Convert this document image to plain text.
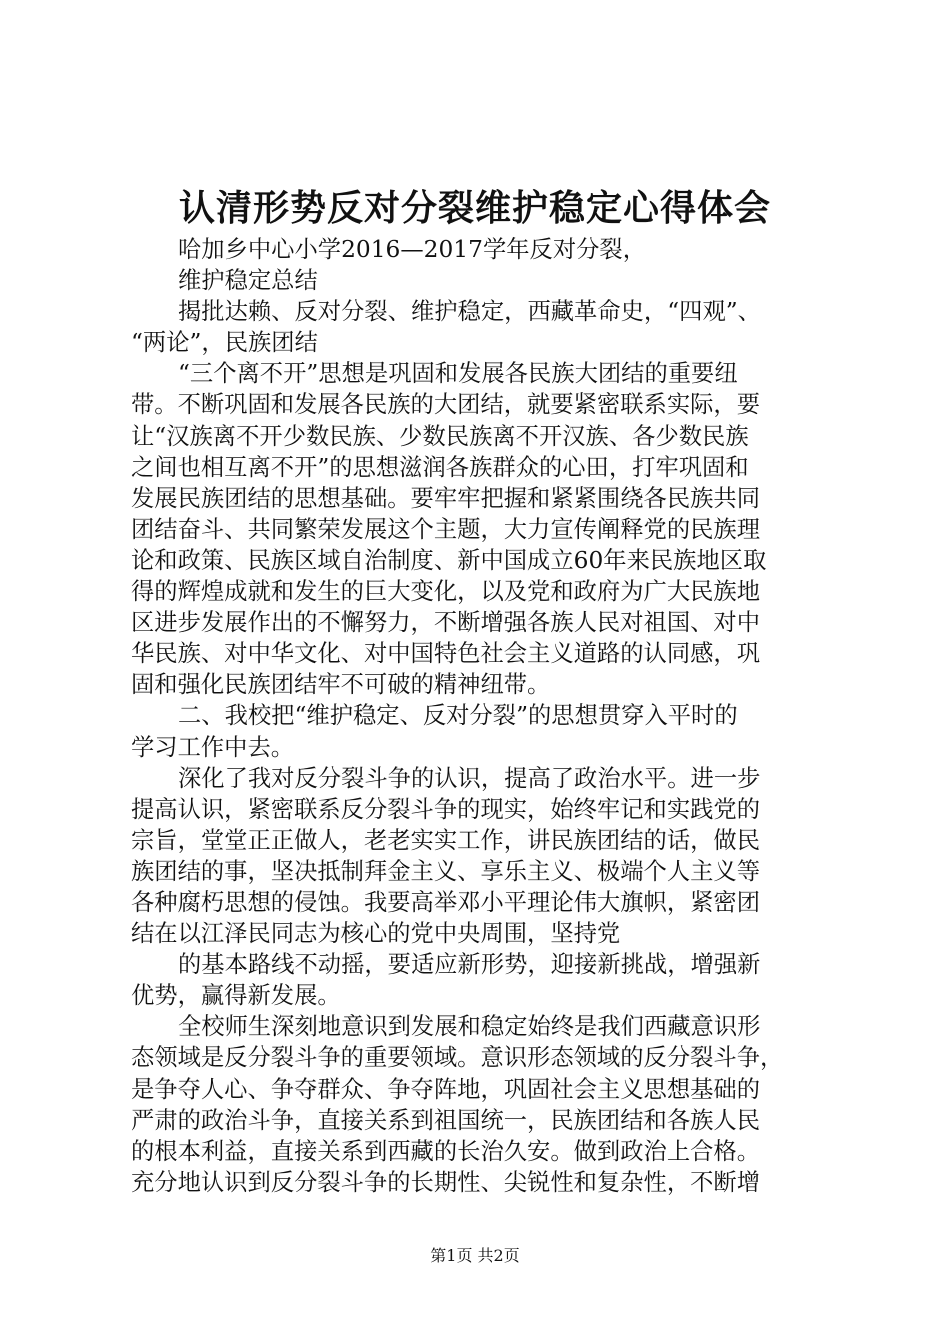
认清形势反对分裂维护稳定心得体会
哈加乡中心小学2016—2017学年反对分裂，
维护稳定总结
揭批达赖、反对分裂、维护稳定，西藏革命史，“四观”、
“两论”，民族团结
“三个离不开”思想是巩固和发展各民族大团结的重要纽
带。不断巩固和发展各民族的大团结，就要紧密联系实际，要
让“汉族离不开少数民族、少数民族离不开汉族、各少数民族
之间也相互离不开”的思想滋润各族群众的心田，打牢巩固和
发展民族团结的思想基础。要牢牢把握和紧紧围绕各民族共同
团结奋斗、共同繁荣发展这个主题，大力宣传阐释党的民族理
论和政策、民族区域自治制度、新中国成立60年来民族地区取
得的辉煌成就和发生的巨大变化，以及党和政府为广大民族地
区进步发展作出的不懈努力，不断增强各族人民对祖国、对中
华民族、对中华文化、对中国特色社会主义道路的认同感，巩
固和强化民族团结牢不可破的精神纽带。
二、我校把“维护稳定、反对分裂”的思想贯穿入平时的
学习工作中去。
深化了我对反分裂斗争的认识，提高了政治水平。进一步
提高认识，紧密联系反分裂斗争的现实，始终牢记和实践党的
宗旨，堂堂正正做人，老老实实工作，讲民族团结的话，做民
族团结的事，坚决抵制拜金主义、享乐主义、极端个人主义等
各种腐朽思想的侵蚀。我要高举邓小平理论伟大旗帜，紧密团
结在以江泽民同志为核心的党中央周围，坚持党
的基本路线不动摇，要适应新形势，迎接新挑战，增强新
优势，赢得新发展。
全校师生深刻地意识到发展和稳定始终是我们西藏意识形
态领域是反分裂斗争的重要领域。意识形态领域的反分裂斗争，
是争夺人心、争夺群众、争夺阵地，巩固社会主义思想基础的
严肃的政治斗争，直接关系到祖国统一，民族团结和各族人民
的根本利益，直接关系到西藏的长治久安。做到政治上合格。
充分地认识到反分裂斗争的长期性、尖锐性和复杂性，不断增
第1页 共2页
